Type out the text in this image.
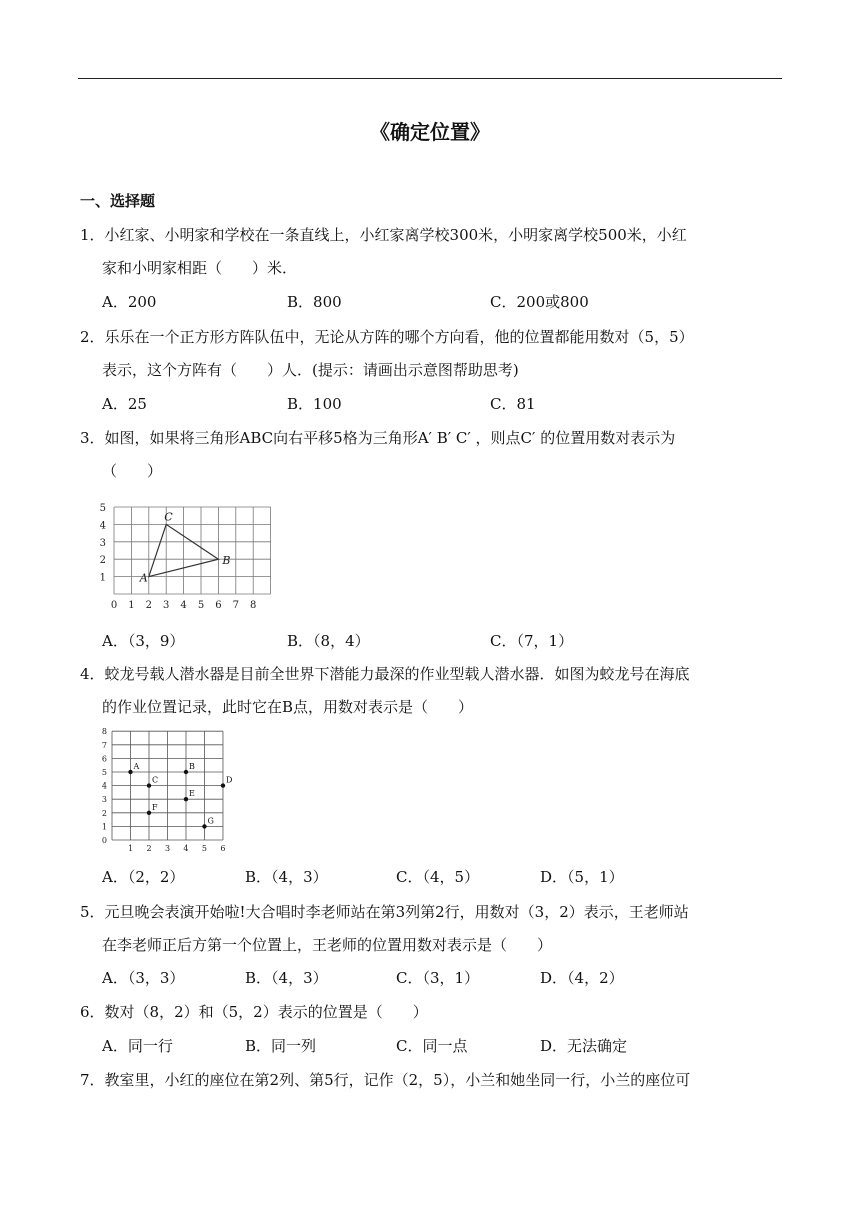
《确定位置》
一、选择题
1．小红家、小明家和学校在一条直线上，小红家离学校300米，小明家离学校500米，小红
家和小明家相距（　　）米．
A．200	B．800	C．200或800
2．乐乐在一个正方形方阵队伍中，无论从方阵的哪个方向看，他的位置都能用数对（5，5）
表示，这个方阵有（　　）人．(提示：请画出示意图帮助思考)
A．25	B．100	C．81
3．如图，如果将三角形ABC向右平移5格为三角形A′ B′ C′ ，则点C′ 的位置用数对表示为
（　　）
0 1 2 3 4 5 6 7 8
1
2
3
4
5
A
B
C
A．（3，9）	B．（8，4）	C．（7，1）
4．蛟龙号载人潜水器是目前全世界下潜能力最深的作业型载人潜水器．如图为蛟龙号在海底
的作业位置记录，此时它在B点，用数对表示是（　　）
1 2 3 4 5 6
0
1
2
3
4
5
6
7
8
A	B
C	D
E
F
G
A．（2，2）	B．（4，3）	C．（4，5）	D．（5，1）
5．元旦晚会表演开始啦!大合唱时李老师站在第3列第2行，用数对（3，2）表示，王老师站
在李老师正后方第一个位置上，王老师的位置用数对表示是（　　）
A．（3，3）	B．（4，3）	C．（3，1）	D．（4，2）
6．数对（8，2）和（5，2）表示的位置是（　　）
A．同一行	B．同一列	C．同一点	D．无法确定
7．教室里，小红的座位在第2列、第5行，记作（2，5），小兰和她坐同一行，小兰的座位可
